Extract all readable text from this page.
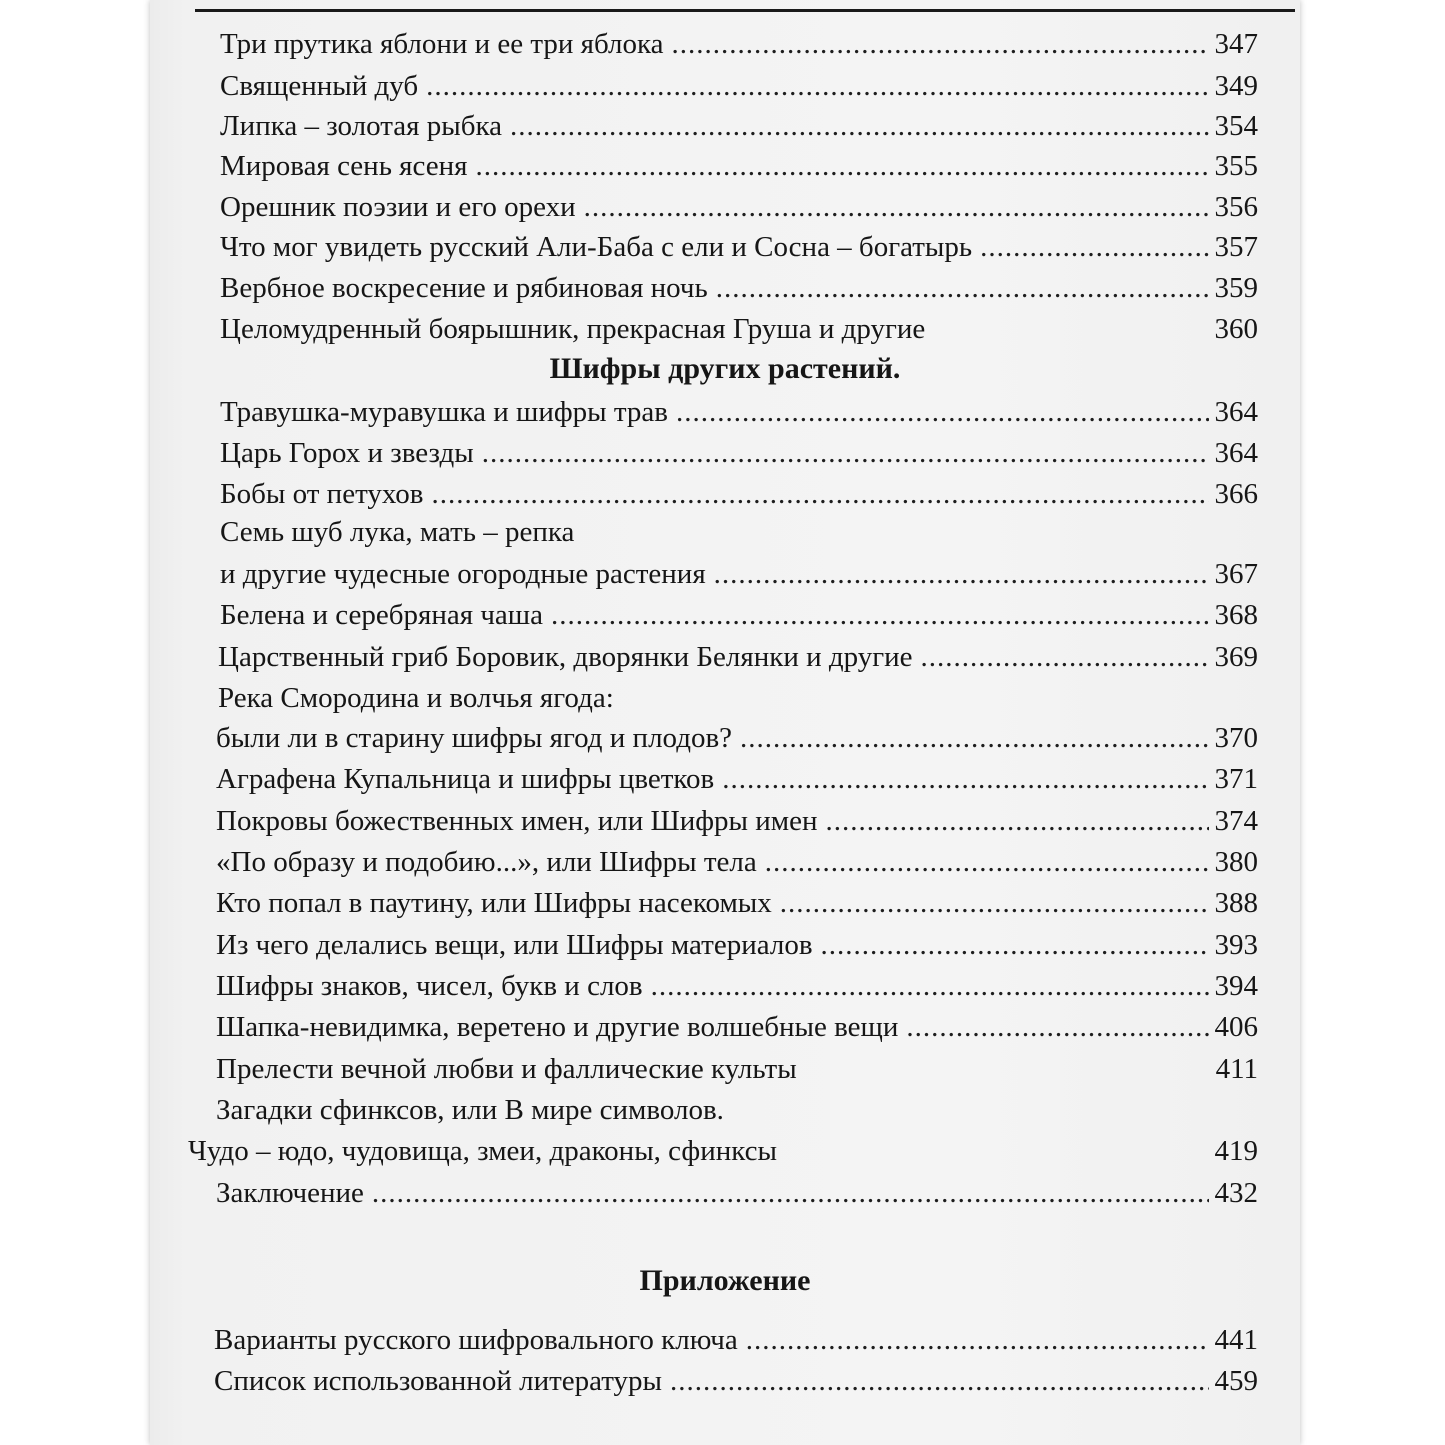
Три прутика яблони и ее три яблока .....	347
Священный дуб .....	349
Липка – золотая рыбка .....	354
Мировая сень ясеня .....	355
Орешник поэзии и его орехи .....	356
Что мог увидеть русский Али-Баба с ели и Сосна – богатырь .....	357
Вербное воскресение и рябиновая ночь .....	359
Целомудренный боярышник, прекрасная Груша и другие	360
Шифры других растений.
Травушка-муравушка и шифры трав .....	364
Царь Горох и звезды .....	364
Бобы от петухов .....	366
Семь шуб лука, мать – репка
и другие чудесные огородные растения .....	367
Белена и серебряная чаша .....	368
Царственный гриб Боровик, дворянки Белянки и другие .....	369
Река Смородина и волчья ягода:
были ли в старину шифры ягод и плодов? .....	370
Аграфена Купальница и шифры цветков .....	371
Покровы божественных имен, или Шифры имен .....	374
«По образу и подобию...», или Шифры тела .....	380
Кто попал в паутину, или Шифры насекомых .....	388
Из чего делались вещи, или Шифры материалов .....	393
Шифры знаков, чисел, букв и слов .....	394
Шапка-невидимка, веретено и другие волшебные вещи .....	406
Прелести вечной любви и фаллические культы	411
Загадки сфинксов, или В мире символов.
Чудо – юдо, чудовища, змеи, драконы, сфинксы	419
Заключение .....	432
Приложение
Варианты русского шифровального ключа .....	441
Список использованной литературы .....	459
